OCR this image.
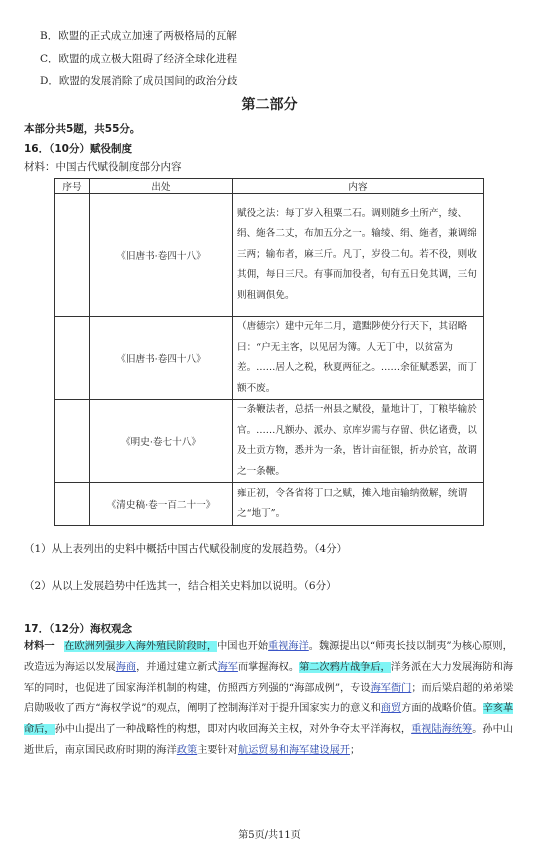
B．欧盟的正式成立加速了两极格局的瓦解
C．欧盟的成立极大阻碍了经济全球化进程
D．欧盟的发展消除了成员国间的政治分歧
第二部分
本部分共5题，共55分。
16．（10分）赋役制度
材料：中国古代赋役制度部分内容
序号	出处	内容
	《旧唐书·卷四十八》	赋役之法：每丁岁入租粟二石。调则随乡土所产，绫、绢、絁各二丈，布加五分之一。输绫、绢、絁者，兼调绵三两；输布者，麻三斤。凡丁，岁役二旬。若不役，则收其佣，每日三尺。有事而加役者，旬有五日免其调，三旬则租调俱免。
	《旧唐书·卷四十八》	（唐德宗）建中元年二月，遣黜陟使分行天下，其诏略曰：“户无主客，以见居为簿。人无丁中，以贫富为差。……居人之税，秋夏两征之。……余征赋悉罢，而丁额不废。
	《明史·卷七十八》	一条鞭法者，总括一州县之赋役，量地计丁，丁粮毕输於官。……凡额办、派办、京库岁需与存留、供亿诸费，以及土贡方物，悉并为一条，皆计亩征银，折办於官，故谓之一条鞭。
	《清史稿·卷一百二十一》	雍正初，令各省将丁口之赋，摊入地亩输纳徵解，统谓之“地丁”。
（1）从上表列出的史料中概括中国古代赋役制度的发展趋势。（4分）
（2）从以上发展趋势中任选其一，结合相关史料加以说明。（6分）
17．（12分）海权观念
材料一 在欧洲列强步入海外殖民阶段时，中国也开始重视海洋。魏源提出以“师夷长技以制夷”为核心原则，改造远为海运以发展海商，并通过建立新式海军而掌握海权。第二次鸦片战争后，洋务派在大力发展海防和海军的同时，也促进了国家海洋机制的构建，仿照西方列强的“海部成例”，专设海军衙门；而后梁启超的弟弟梁启勋吸收了西方“海权学说”的观点，阐明了控制海洋对于提升国家实力的意义和商贸方面的战略价值。辛亥革命后，孙中山提出了一种战略性的构想，即对内收回海关主权，对外争夺太平洋海权，重视陆海统筹。孙中山逝世后，南京国民政府时期的海洋政策主要针对航运贸易和海军建设展开；
第5页/共11页
